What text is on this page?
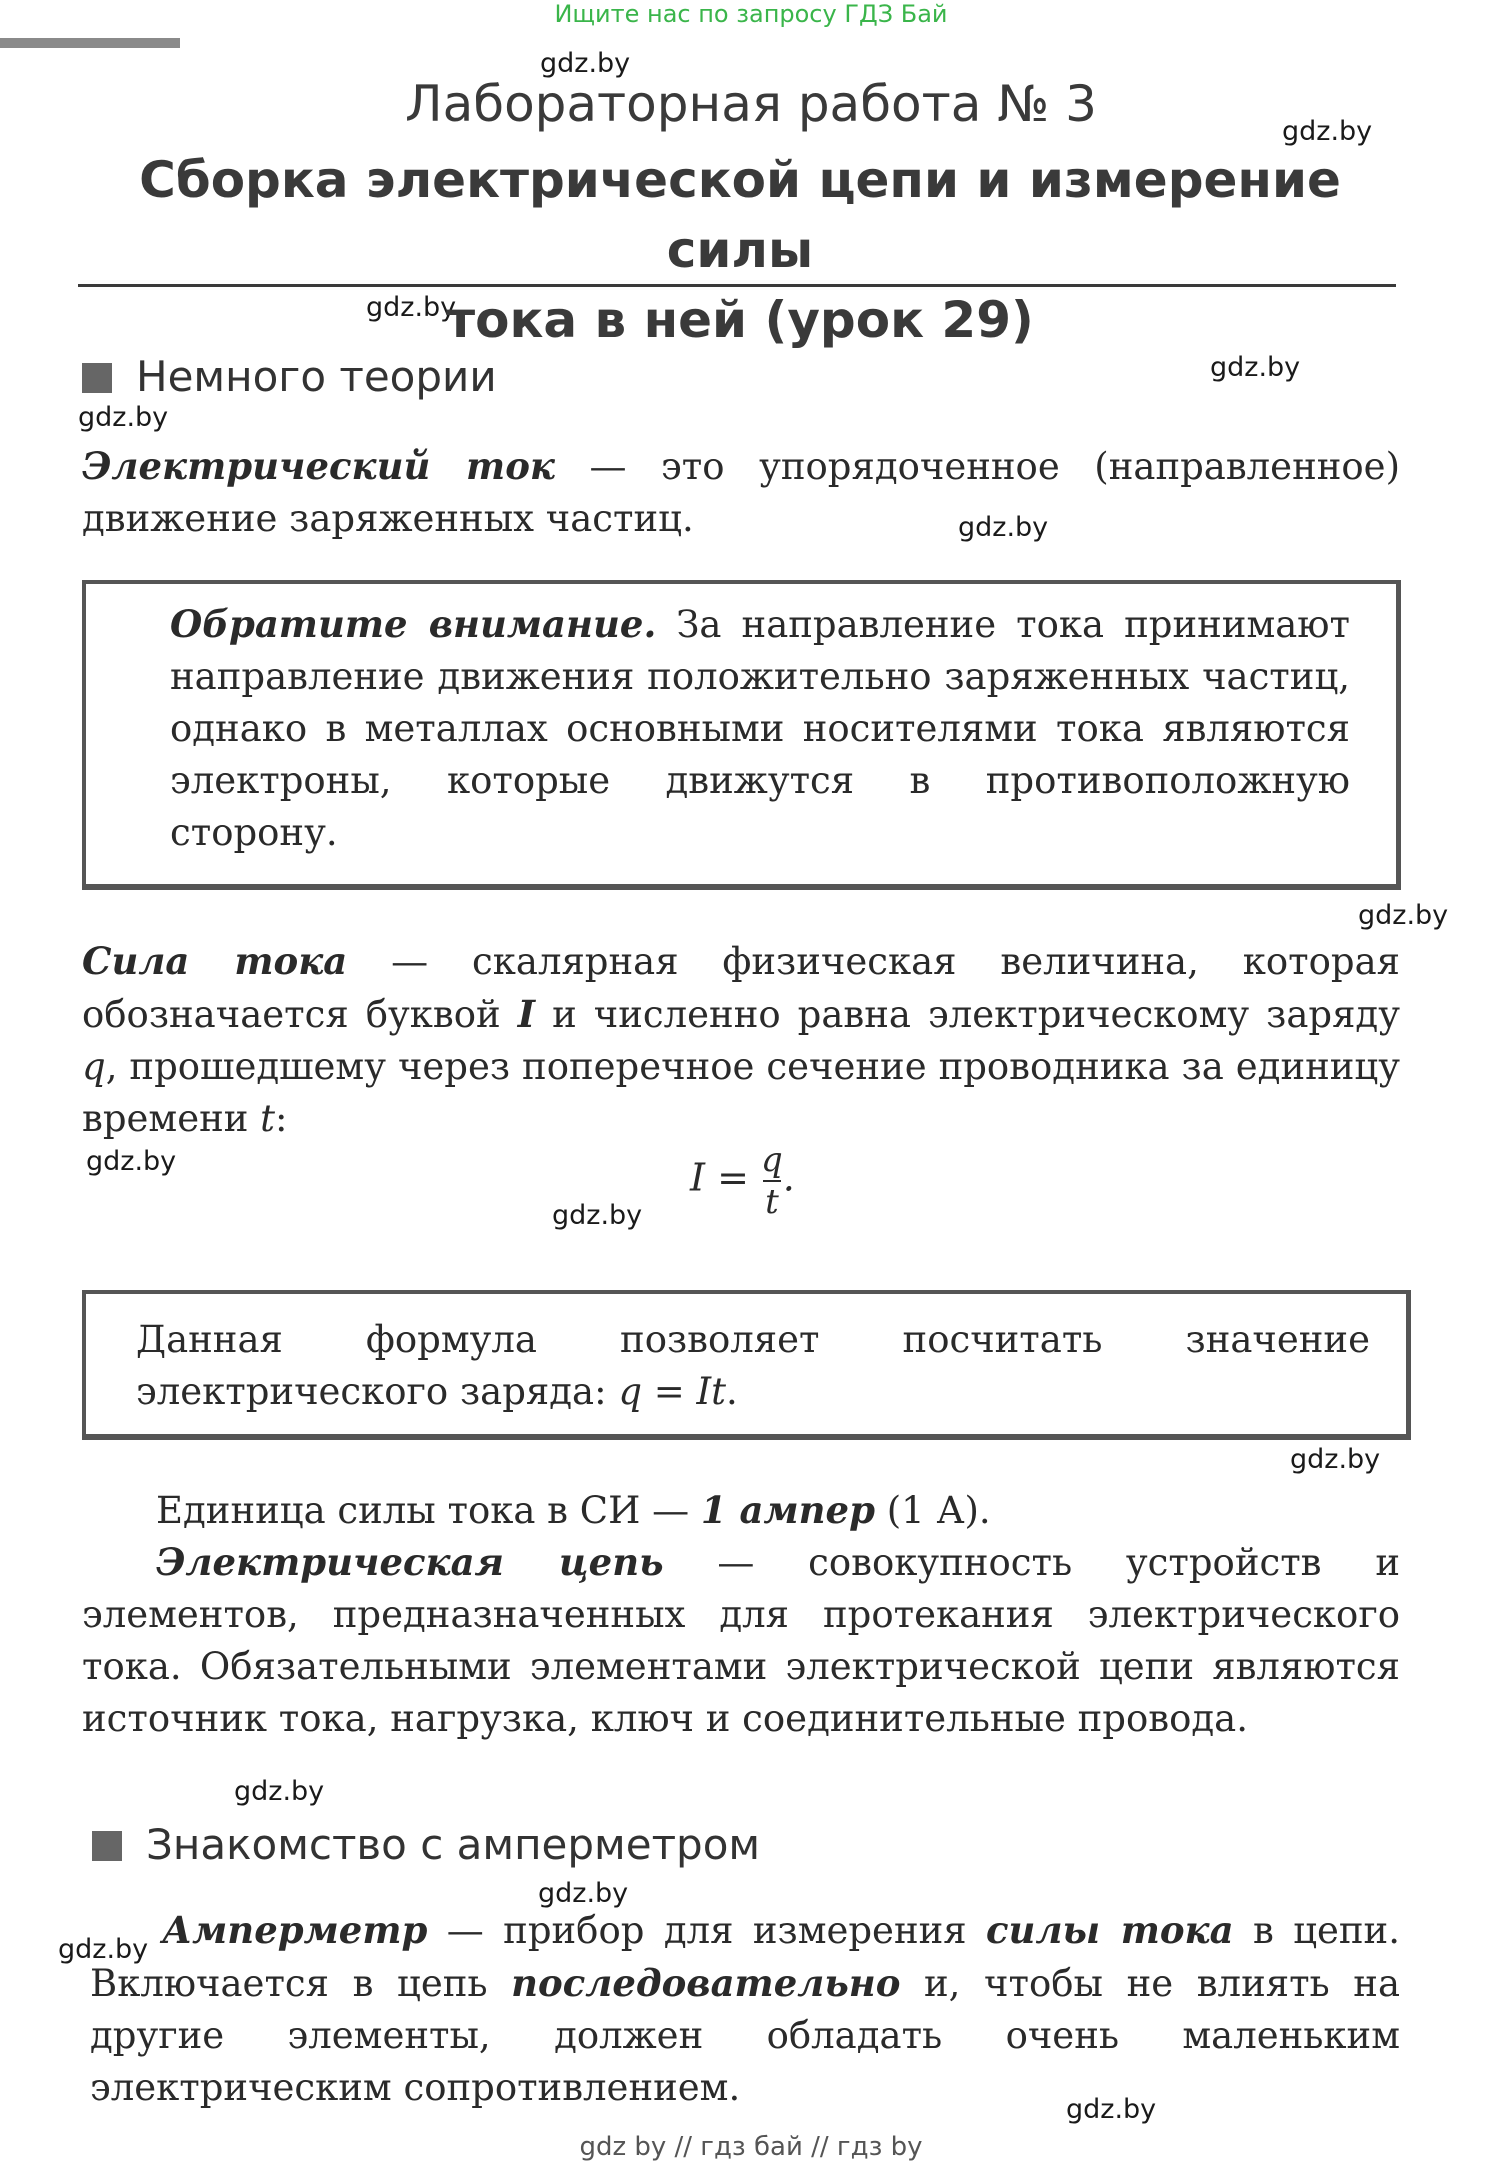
Ищите нас по запросу ГДЗ Бай
gdz.by
gdz.by
gdz.by
gdz.by
gdz.by
gdz.by
gdz.by
gdz.by
gdz.by
gdz.by
gdz.by
gdz.by
gdz.by
gdz.by
Лабораторная работа № 3
Сборка электрической цепи и измерение силы
тока в ней (урок 29)
Немного теории
Электрический ток — это упорядоченное (направленное) движение заряженных частиц.
Обратите внимание. За направление тока принимают направление движения положительно заряженных частиц, однако в металлах основными носителями тока являются электроны, которые движутся в противоположную сторону.
Сила тока — скалярная физическая величина, которая обозначается буквой I и численно равна электрическому заряду q, прошедшему через поперечное сечение проводника за единицу времени t:
$I = \frac{q}{t}$ .
Данная формула позволяет посчитать значение электрического заряда: q = It.
Единица силы тока в СИ — 1 ампер (1 А).
Электрическая цепь — совокупность устройств и элементов, предназначенных для протекания электрического тока. Обязательными элементами электрической цепи являются источник тока, нагрузка, ключ и соединительные провода.
Знакомство с амперметром
Амперметр — прибор для измерения силы тока в цепи. Включается в цепь последовательно и, чтобы не влиять на другие элементы, должен обладать очень маленьким электрическим сопротивлением.
gdz by // гдз бай // гдз by
